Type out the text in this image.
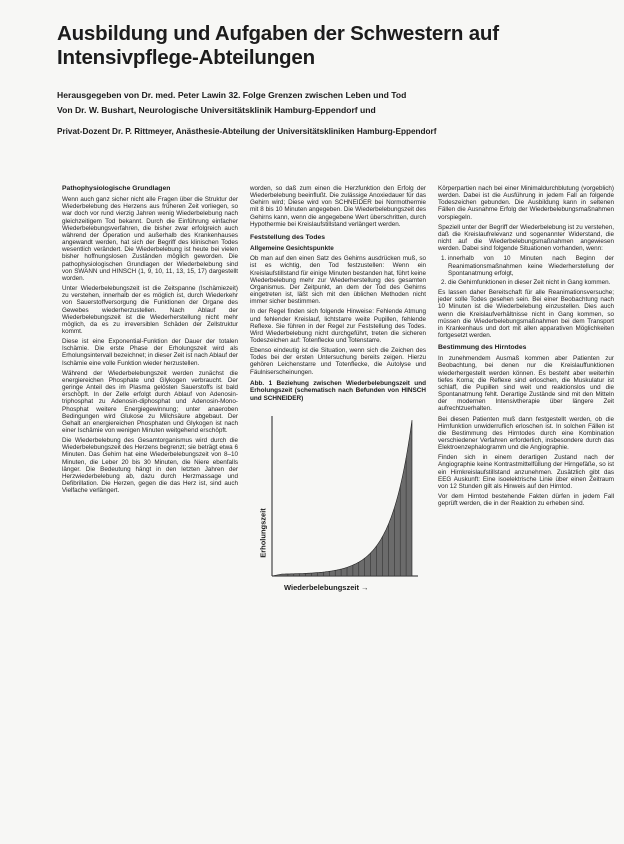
Ausbildung und Aufgaben der Schwestern auf Intensivpflege-Abteilungen
Herausgegeben von Dr. med. Peter Lawin 32. Folge Grenzen zwischen Leben und Tod
Von Dr. W. Bushart, Neurologische Universitätsklinik Hamburg-Eppendorf und
Privat-Dozent Dr. P. Rittmeyer, Anästhesie-Abteilung der Universitätskliniken Hamburg-Eppendorf
Pathophysiologische Grundlagen

Wenn auch ganz sicher nicht alle Fragen über die Struktur der Wiederbelebung des Herzens aus früheren Zeit vorliegen, so war doch vor rund vierzig Jahren wenig Wiederbelebung nach gleichzeitigem Tod bekannt. Durch die Einführung einfacher Wiederbelebungsverfahren, die bisher zwar erfolgreich auch während der Operation und außerhalb des Krankenhauses angewandt werden, hat sich der Begriff des klinischen Todes wesentlich verändert. Die Wiederbelebung ist heute bei vielen bisher hoffnungslosen Zuständen möglich geworden. Die pathophysiologischen Grundlagen der Wiederbelebung sind von SWANN und HINSCH (1, 9, 10, 11, 13, 15, 17) dargestellt worden.

Unter Wiederbelebungszeit ist die Zeitspanne (Ischämiezeit) zu verstehen, innerhalb der es möglich ist, durch Wiederkehr von Sauerstoffversorgung die Funktionen der Organe des Gewebes wiederherzustellen. Nach Ablauf der Wiederbelebungszeit ist die Wiederherstellung nicht mehr möglich, da es zu irreversiblen Schäden der Zellstruktur kommt.

Diese ist eine Exponential-Funktion der Dauer der totalen Ischämie. Die erste Phase der Erholungszeit wird als Erholungsintervall bezeichnet; in dieser Zeit ist nach Ablauf der Ischämie eine volle Funktion wieder herzustellen.

Während der Wiederbelebungszeit werden zunächst die energiereichen Phosphate und Glykogen verbraucht. Der geringe Anteil des im Plasma gelösten Sauerstoffs ist bald erschöpft. In der Zelle erfolgt durch Ablauf von Adenosin-triphosphat zu Adenosin-diphosphat und Adenosin-Mono-Phosphat weitere Energiegewinnung; unter anaeroben Bedingungen wird Glukose zu Milchsäure abgebaut. Der Gehalt an energiereichen Phosphaten und Glykogen ist nach einer Ischämie von wenigen Minuten weitgehend erschöpft.

Die Wiederbelebung des Gesamtorganismus wird durch die Wiederbelebungszeit des Herzens begrenzt; sie beträgt etwa 6 Minuten. Das Gehirn hat eine Wiederbelebungszeit von 8–10 Minuten, die Leber 20 bis 30 Minuten, die Niere ebenfalls länger. Die Bedeutung hängt in den letzten Jahren der Herzwiederbelebung ab, dazu durch Herzmassage und Defibrillation. Die Herzen, gegen die das Herz ist, sind auch Vielfache verlängert.

worden, so daß zum einen die Herzfunktion den Erfolg der Wiederbelebung beeinflußt. Die zulässige Anoxiedauer für das Gehirn wird; Diese wird von SCHNEIDER bei Normothermie mit 8 bis 10 Minuten angegeben. Die Wiederbelebungszeit des Gehirns kann, wenn die angegebene Wert überschritten, durch Hypothermie bei Kreislaufstillstand verlängert werden.

Feststellung des Todes
Allgemeine Gesichtspunkte

Ob man auf den einen Satz des Gehirns ausdrücken muß, so ist es wichtig, den Tod festzustellen: Wenn ein Kreislaufstillstand für einige Minuten bestanden hat, führt keine Wiederbelebung mehr zur Wiederherstellung des gesamten Organismus. Der Zeitpunkt, an dem der Tod des Gehirns eingetreten ist, läßt sich mit den üblichen Methoden nicht immer sicher bestimmen.

In der Regel finden sich folgende Hinweise: Fehlende Atmung und fehlender Kreislauf, lichtstarre weite Pupillen, fehlende Reflexe. Sie führen in der Regel zur Feststellung des Todes. Wird Wiederbelebung nicht durchgeführt, treten die sicheren Todeszeichen auf: Totenflecke und Totenstarre.

Ebenso eindeutig ist die Situation, wenn sich die Zeichen des Todes bei der ersten Untersuchung bereits zeigen. Hierzu gehören Leichenstarre und Totenflecke, die Autolyse und Fäulniserscheinungen.

Abb. 1 Beziehung zwischen Wiederbelebungszeit und Erholungszeit (schematisch nach Befunden von HINSCH und SCHNEIDER)
Erholungszeit
Wiederbelebungszeit →

Körperpartien nach bei einer Minimaldurchblutung (vorgeblich) werden. Dabei ist die Ausführung in jedem Fall an folgende Todeszeichen gebunden. Die Ausbildung kann in seltenen Fällen die Ausnahme Erfolg der Wiederbelebungsmaßnahmen vorspiegeln.

Speziell unter der Begriff der Wiederbelebung ist zu verstehen, daß die Kreislaufrelevanz und sogenannter Widerstand, die nicht auf die Wiederbelebungsmaßnahmen angewiesen werden. Dabei sind folgende Situationen vorhanden, wenn:

1. innerhalb von 10 Minuten nach Beginn der Reanimationsmaßnahmen keine Wiederherstellung der Spontanatmung erfolgt,
2. die Gehirnfunktionen in dieser Zeit nicht in Gang kommen.

Es lassen daher Bereitschaft für alle Reanimationsversuche; jeder solle Todes gesehen sein. Bei einer Beobachtung nach 10 Minuten ist die Wiederbelebung einzustellen. Dies auch wenn die Kreislaufverhältnisse nicht in Gang kommen, so müssen die Wiederbelebungsmaßnahmen bei dem Transport in Krankenhaus und dort mit allen apparativen Möglichkeiten fortgesetzt werden.

Bestimmung des Hirntodes

In zunehmendem Ausmaß kommen aber Patienten zur Beobachtung, bei denen nur die Kreislauffunktionen wiederhergestellt werden können. Es besteht aber weiterhin tiefes Koma; die Reflexe sind erloschen, die Muskulatur ist schlaff, die Pupillen sind weit und reaktionslos und die Spontanatmung fehlt. Derartige Zustände sind mit den Mitteln der modernen Intensivtherapie über längere Zeit aufrechtzuerhalten.

Bei diesen Patienten muß dann festgestellt werden, ob die Hirnfunktion unwiderruflich erloschen ist. In solchen Fällen ist die Bestimmung des Hirntodes durch eine Kombination verschiedener Verfahren erforderlich, insbesondere durch das Elektroenzephalogramm und die Angiographie.

Finden sich in einem derartigen Zustand nach der Angiographie keine Kontrastmittelfüllung der Hirngefäße, so ist ein Hirnkreislaufstillstand anzunehmen. Zusätzlich gibt das EEG Auskunft: Eine isoelektrische Linie über einen Zeitraum von 12 Stunden gilt als Hinweis auf den Hirntod.

Vor dem Hirntod bestehende Fakten dürfen in jedem Fall geprüft werden, die in der Reaktion zu erheben sind.
